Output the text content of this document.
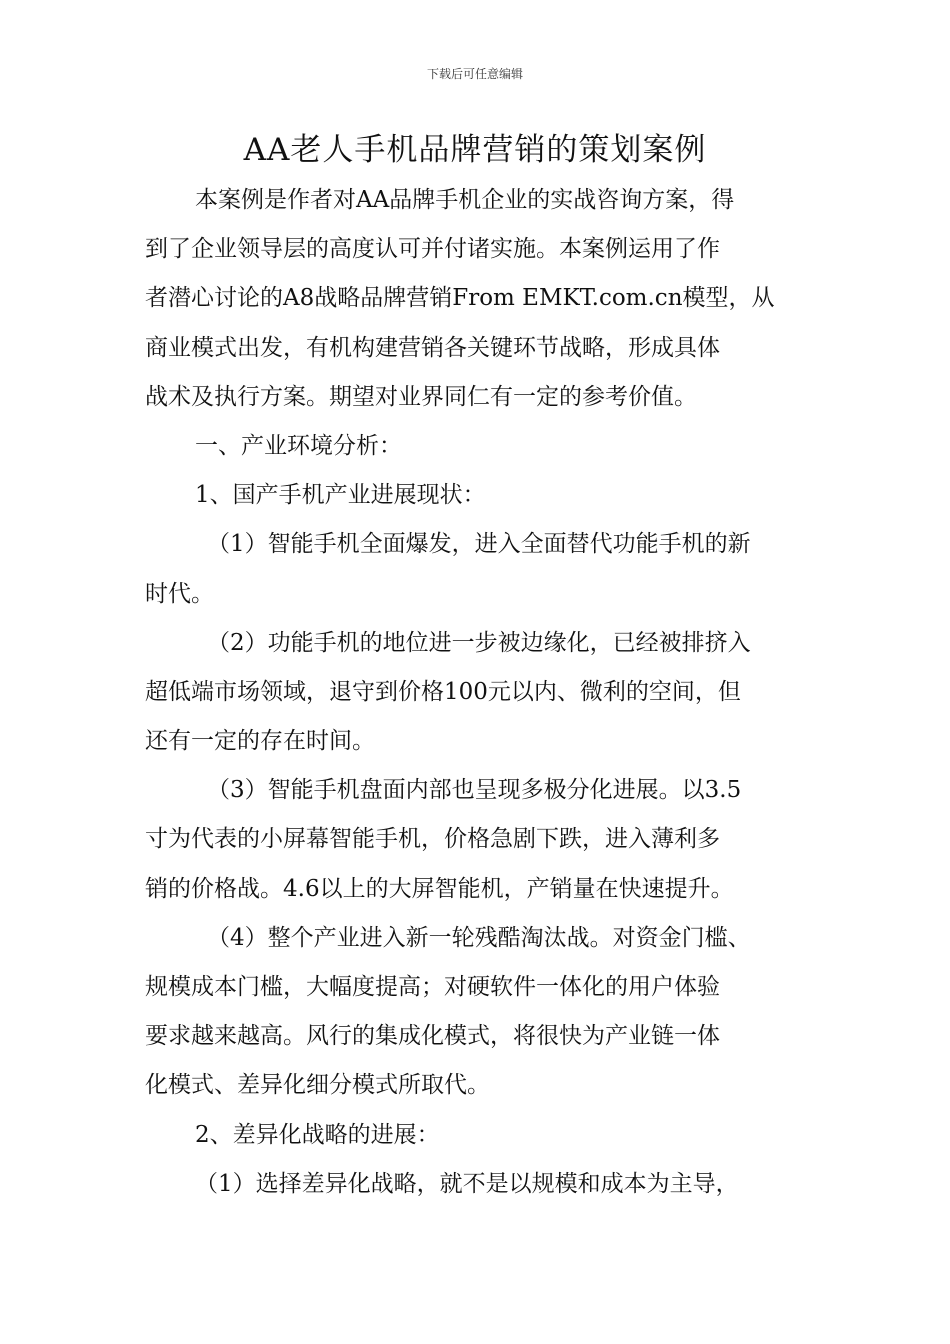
下载后可任意编辑
AA老人手机品牌营销的策划案例
本案例是作者对AA品牌手机企业的实战咨询方案，得
到了企业领导层的高度认可并付诸实施。本案例运用了作
者潜心讨论的A8战略品牌营销From EMKT.com.cn模型，从
商业模式出发，有机构建营销各关键环节战略，形成具体
战术及执行方案。期望对业界同仁有一定的参考价值。
一、产业环境分析：
1、国产手机产业进展现状：
（1）智能手机全面爆发，进入全面替代功能手机的新
时代。
（2）功能手机的地位进一步被边缘化，已经被排挤入
超低端市场领域，退守到价格100元以内、微利的空间，但
还有一定的存在时间。
（3）智能手机盘面内部也呈现多极分化进展。以3.5
寸为代表的小屏幕智能手机，价格急剧下跌，进入薄利多
销的价格战。4.6以上的大屏智能机，产销量在快速提升。
（4）整个产业进入新一轮残酷淘汰战。对资金门槛、
规模成本门槛，大幅度提高；对硬软件一体化的用户体验
要求越来越高。风行的集成化模式，将很快为产业链一体
化模式、差异化细分模式所取代。
2、差异化战略的进展：
（1）选择差异化战略，就不是以规模和成本为主导，
